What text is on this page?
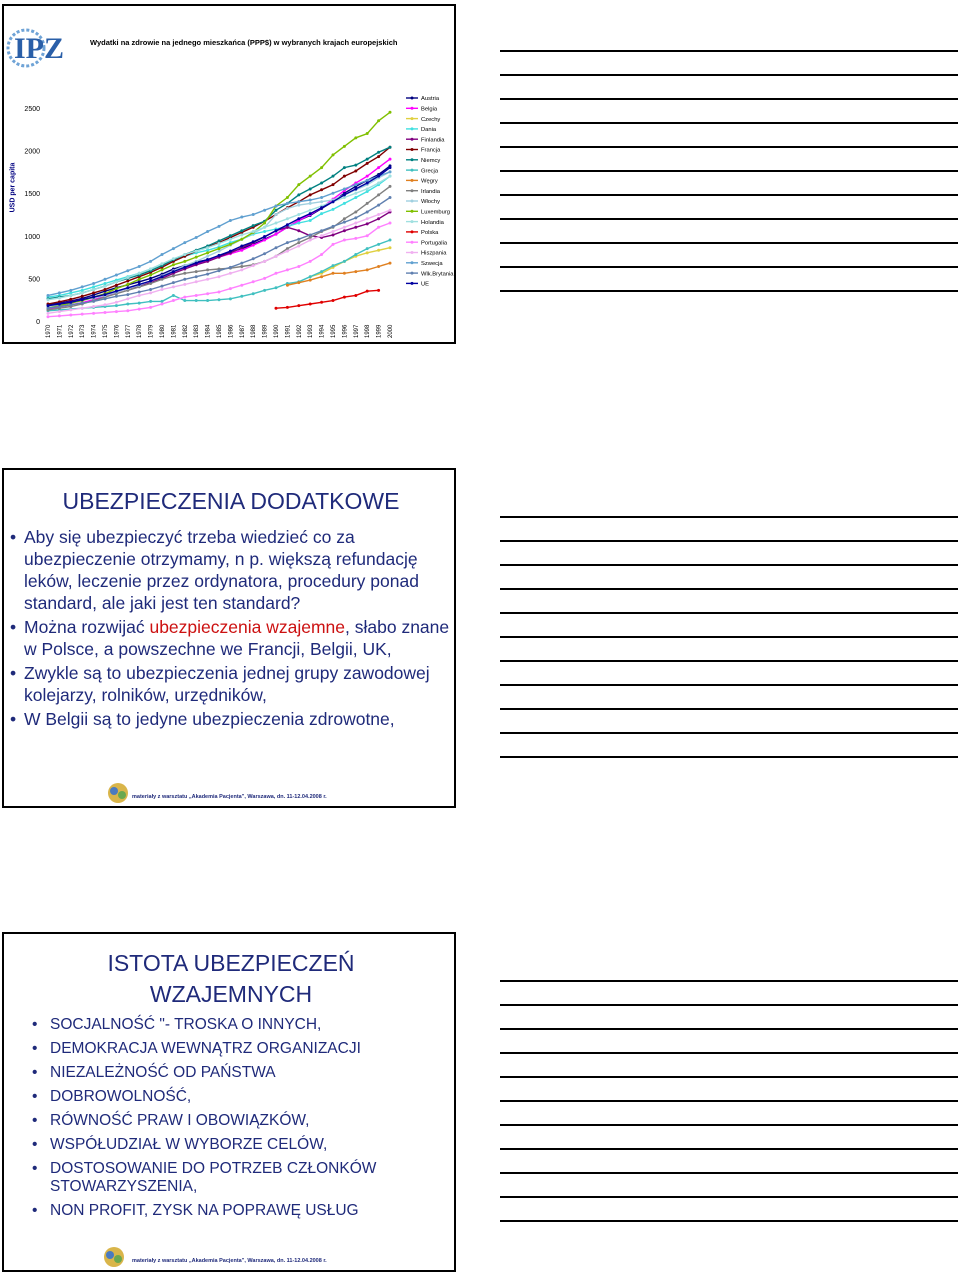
IPZ	Wydatki na zdrowie na jednego mieszkańca (PPP$) w wybranych krajach europejskich
USD per capita
0
500
1000
1500
2000
2500
1970 1971 1972 1973 1974 1975 1976 1977 1978 1979 1980 1981 1982 1983 1984 1985 1986 1987 1988 1989 1990 1991 1992 1993 1994 1995 1996 1997 1998 1999 2000
Austria
Belgia
Czechy
Dania
Finlandia
Francja
Niemcy
Grecja
Węgry
Irlandia
Włochy
Luxemburg
Holandia
Polska
Portugalia
Hiszpania
Szwecja
Wlk.Brytania
UE
UBEZPIECZENIA DODATKOWE
• Aby się ubezpieczyć trzeba wiedzieć co za ubezpieczenie otrzymamy, n p. większą refundację leków, leczenie przez ordynatora, procedury ponad standard, ale jaki jest ten standard?
• Można rozwijać ubezpieczenia wzajemne, słabo znane w Polsce, a powszechne we Francji, Belgii, UK,
• Zwykle są to ubezpieczenia jednej grupy zawodowej kolejarzy, rolników, urzędników,
• W Belgii są to jedyne ubezpieczenia zdrowotne,
materiały z warsztatu „Akademia Pacjenta", Warszawa, dn. 11-12.04.2008 r.
ISTOTA UBEZPIECZEŃ WZAJEMNYCH
• SOCJALNOŚĆ "- TROSKA O INNYCH,
• DEMOKRACJA WEWNĄTRZ ORGANIZACJI
• NIEZALEŻNOŚĆ OD PAŃSTWA
• DOBROWOLNOŚĆ,
• RÓWNOŚĆ PRAW I OBOWIĄZKÓW,
• WSPÓŁUDZIAŁ W WYBORZE CELÓW,
• DOSTOSOWANIE DO POTRZEB CZŁONKÓW STOWARZYSZENIA,
• NON PROFIT, ZYSK NA POPRAWĘ USŁUG
materiały z warsztatu „Akademia Pacjenta", Warszawa, dn. 11-12.04.2008 r.
